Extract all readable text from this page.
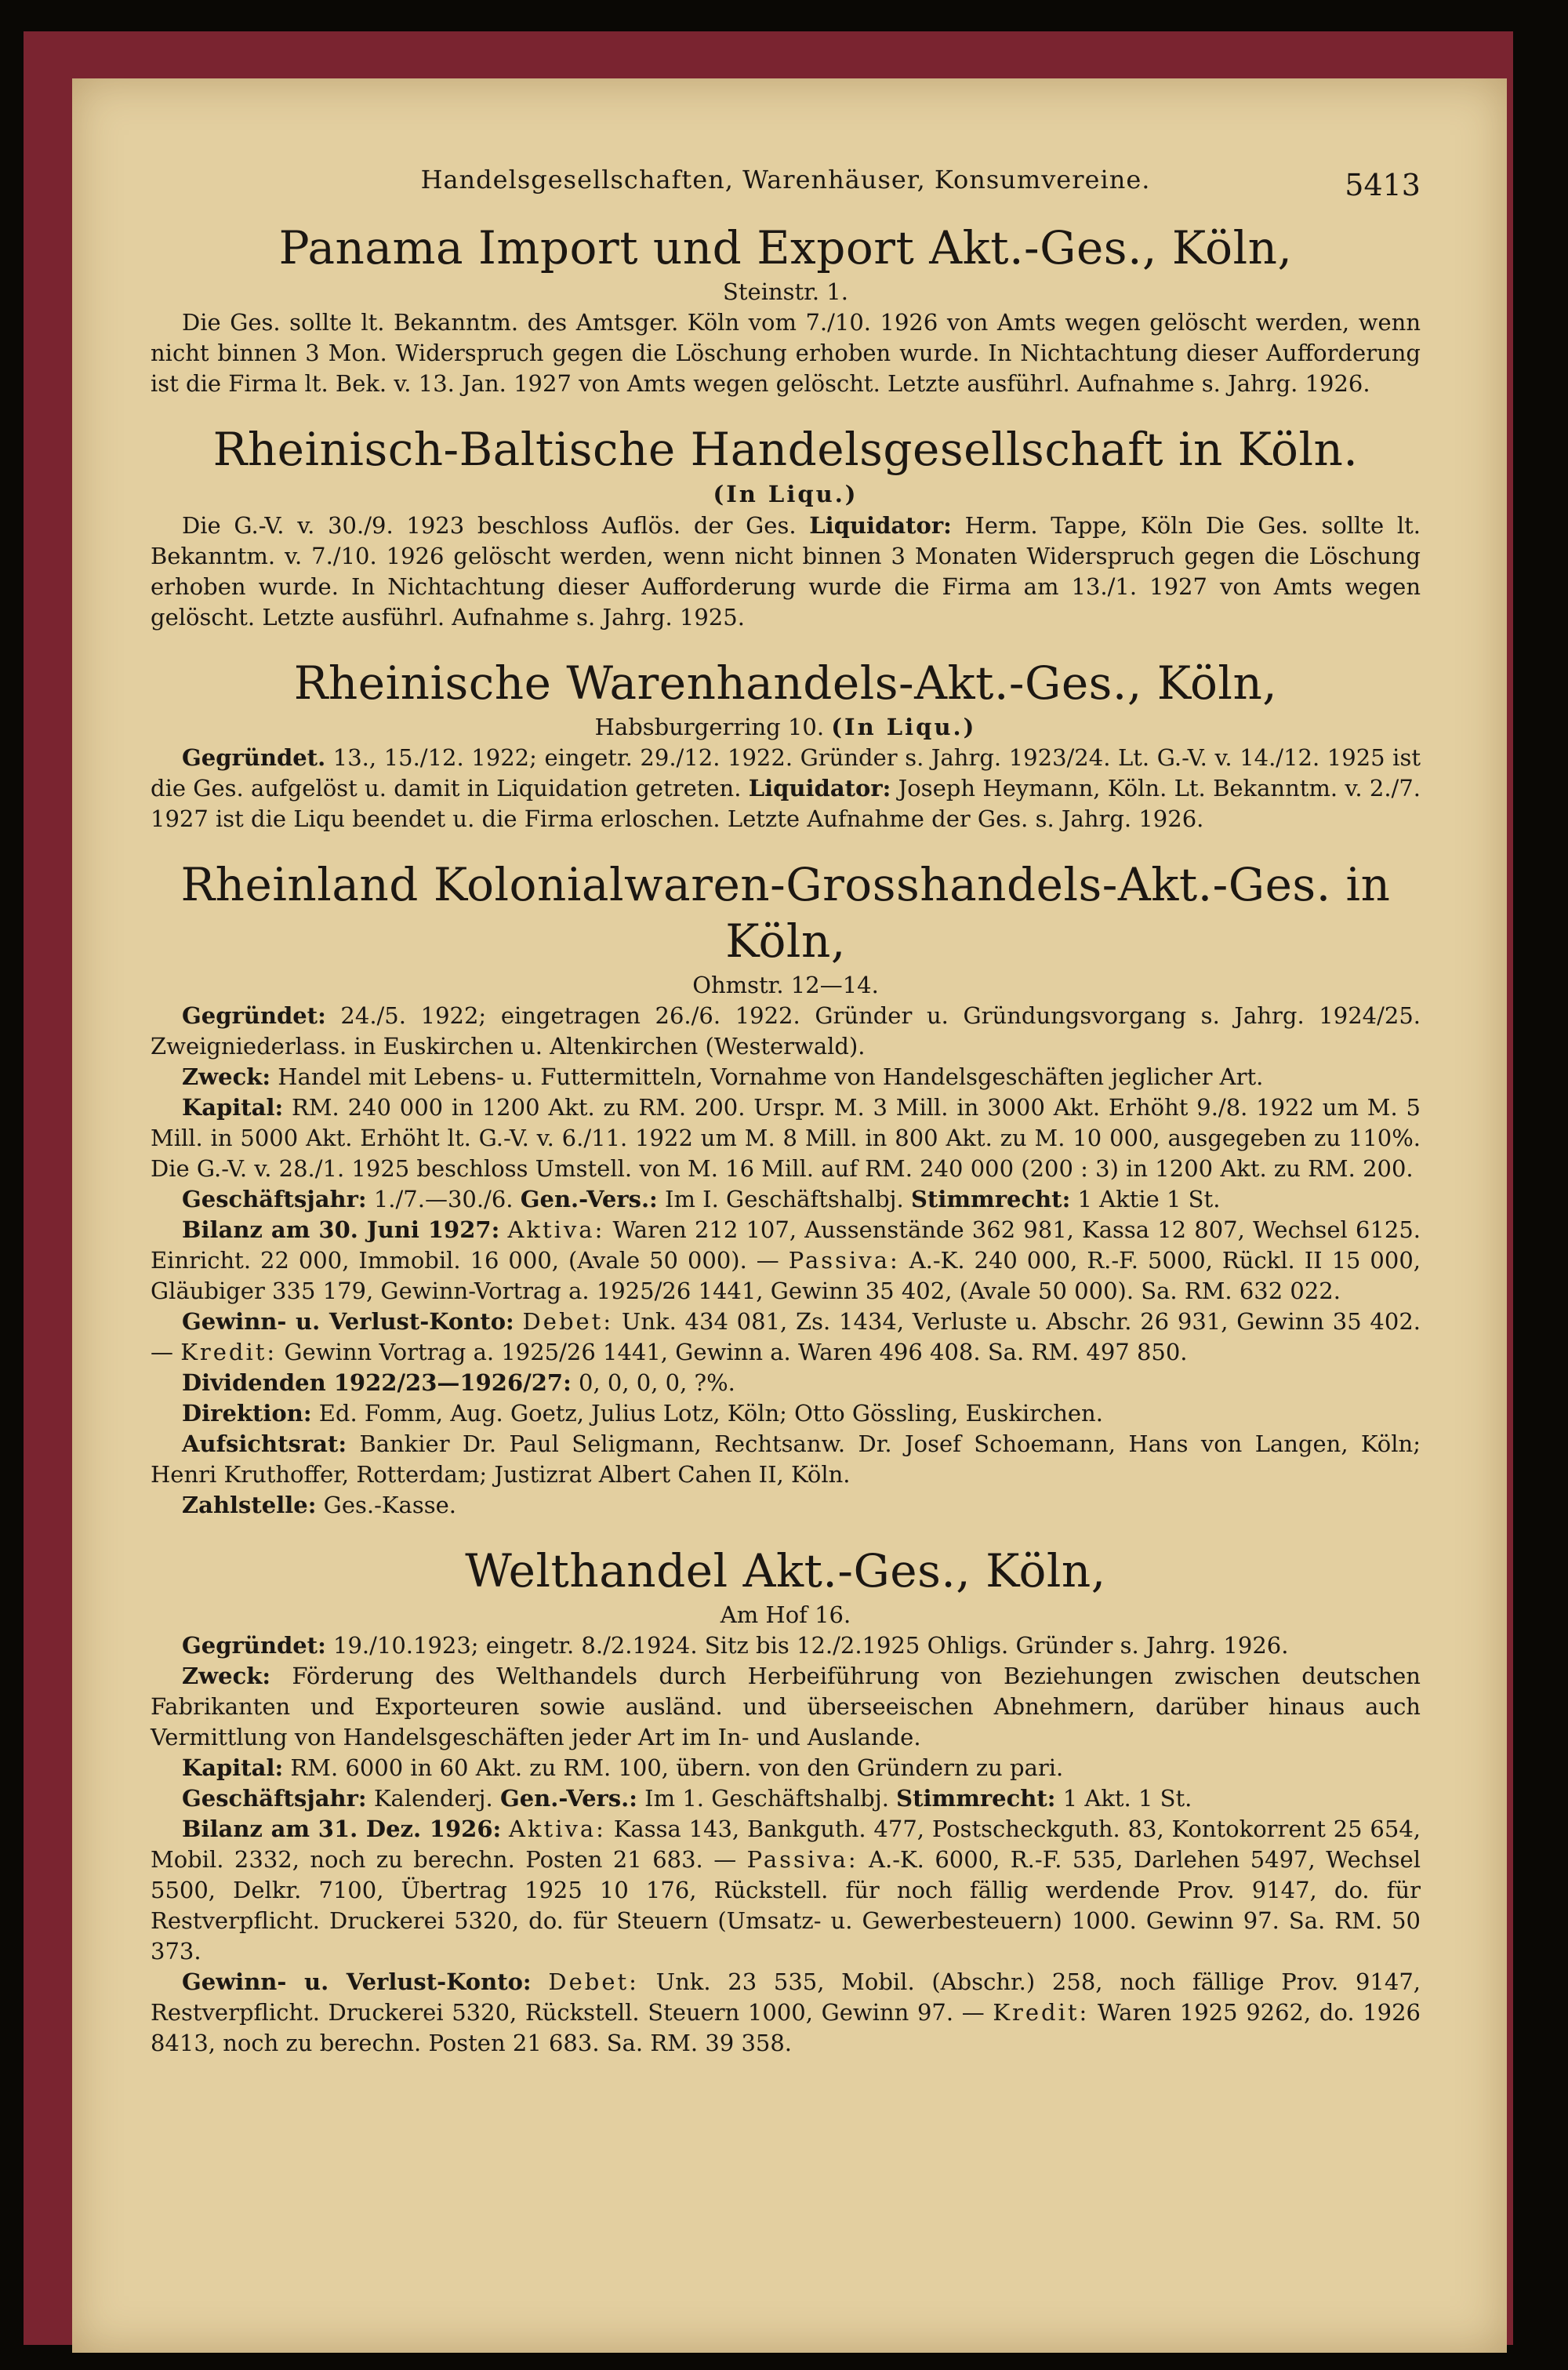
Handelsgesellschaften, Warenhäuser, Konsumvereine.	5413
Panama Import und Export Akt.-Ges., Köln,
Steinstr. 1.

Die Ges. sollte lt. Bekanntm. des Amtsger. Köln vom 7./10. 1926 von Amts wegen gelöscht werden, wenn nicht binnen 3 Mon. Widerspruch gegen die Löschung erhoben wurde. In Nichtachtung dieser Aufforderung ist die Firma lt. Bek. v. 13. Jan. 1927 von Amts wegen gelöscht. Letzte ausführl. Aufnahme s. Jahrg. 1926.

Rheinisch-Baltische Handelsgesellschaft in Köln.
(In Liqu.)

Die G.-V. v. 30./9. 1923 beschloss Auflös. der Ges. Liquidator: Herm. Tappe, Köln Die Ges. sollte lt. Bekanntm. v. 7./10. 1926 gelöscht werden, wenn nicht binnen 3 Monaten Widerspruch gegen die Löschung erhoben wurde. In Nichtachtung dieser Aufforderung wurde die Firma am 13./1. 1927 von Amts wegen gelöscht. Letzte ausführl. Aufnahme s. Jahrg. 1925.

Rheinische Warenhandels-Akt.-Ges., Köln,
Habsburgerring 10. (In Liqu.)

Gegründet. 13., 15./12. 1922; eingetr. 29./12. 1922. Gründer s. Jahrg. 1923/24. Lt. G.-V. v. 14./12. 1925 ist die Ges. aufgelöst u. damit in Liquidation getreten. Liquidator: Joseph Heymann, Köln. Lt. Bekanntm. v. 2./7. 1927 ist die Liqu beendet u. die Firma erloschen. Letzte Aufnahme der Ges. s. Jahrg. 1926.

Rheinland Kolonialwaren-Grosshandels-Akt.-Ges. in Köln,
Ohmstr. 12—14.

Gegründet: 24./5. 1922; eingetragen 26./6. 1922. Gründer u. Gründungsvorgang s. Jahrg. 1924/25. Zweigniederlass. in Euskirchen u. Altenkirchen (Westerwald).

Zweck: Handel mit Lebens- u. Futtermitteln, Vornahme von Handelsgeschäften jeglicher Art.

Kapital: RM. 240 000 in 1200 Akt. zu RM. 200. Urspr. M. 3 Mill. in 3000 Akt. Erhöht 9./8. 1922 um M. 5 Mill. in 5000 Akt. Erhöht lt. G.-V. v. 6./11. 1922 um M. 8 Mill. in 800 Akt. zu M. 10 000, ausgegeben zu 110%. Die G.-V. v. 28./1. 1925 beschloss Umstell. von M. 16 Mill. auf RM. 240 000 (200 : 3) in 1200 Akt. zu RM. 200.

Geschäftsjahr: 1./7.—30./6. Gen.-Vers.: Im I. Geschäftshalbj. Stimmrecht: 1 Aktie 1 St.

Bilanz am 30. Juni 1927: Aktiva: Waren 212 107, Aussenstände 362 981, Kassa 12 807, Wechsel 6125. Einricht. 22 000, Immobil. 16 000, (Avale 50 000). — Passiva: A.-K. 240 000, R.-F. 5000, Rückl. II 15 000, Gläubiger 335 179, Gewinn-Vortrag a. 1925/26 1441, Gewinn 35 402, (Avale 50 000). Sa. RM. 632 022.

Gewinn- u. Verlust-Konto: Debet: Unk. 434 081, Zs. 1434, Verluste u. Abschr. 26 931, Gewinn 35 402. — Kredit: Gewinn Vortrag a. 1925/26 1441, Gewinn a. Waren 496 408. Sa. RM. 497 850.

Dividenden 1922/23—1926/27: 0, 0, 0, 0, ?%.

Direktion: Ed. Fomm, Aug. Goetz, Julius Lotz, Köln; Otto Gössling, Euskirchen.

Aufsichtsrat: Bankier Dr. Paul Seligmann, Rechtsanw. Dr. Josef Schoemann, Hans von Langen, Köln; Henri Kruthoffer, Rotterdam; Justizrat Albert Cahen II, Köln.

Zahlstelle: Ges.-Kasse.

Welthandel Akt.-Ges., Köln,
Am Hof 16.

Gegründet: 19./10.1923; eingetr. 8./2.1924. Sitz bis 12./2.1925 Ohligs. Gründer s. Jahrg. 1926.

Zweck: Förderung des Welthandels durch Herbeiführung von Beziehungen zwischen deutschen Fabrikanten und Exporteuren sowie ausländ. und überseeischen Abnehmern, darüber hinaus auch Vermittlung von Handelsgeschäften jeder Art im In- und Auslande.

Kapital: RM. 6000 in 60 Akt. zu RM. 100, übern. von den Gründern zu pari.

Geschäftsjahr: Kalenderj. Gen.-Vers.: Im 1. Geschäftshalbj. Stimmrecht: 1 Akt. 1 St.

Bilanz am 31. Dez. 1926: Aktiva: Kassa 143, Bankguth. 477, Postscheckguth. 83, Kontokorrent 25 654, Mobil. 2332, noch zu berechn. Posten 21 683. — Passiva: A.-K. 6000, R.-F. 535, Darlehen 5497, Wechsel 5500, Delkr. 7100, Übertrag 1925 10 176, Rückstell. für noch fällig werdende Prov. 9147, do. für Restverpflicht. Druckerei 5320, do. für Steuern (Umsatz- u. Gewerbesteuern) 1000. Gewinn 97. Sa. RM. 50 373.

Gewinn- u. Verlust-Konto: Debet: Unk. 23 535, Mobil. (Abschr.) 258, noch fällige Prov. 9147, Restverpflicht. Druckerei 5320, Rückstell. Steuern 1000, Gewinn 97. — Kredit: Waren 1925 9262, do. 1926 8413, noch zu berechn. Posten 21 683. Sa. RM. 39 358.
